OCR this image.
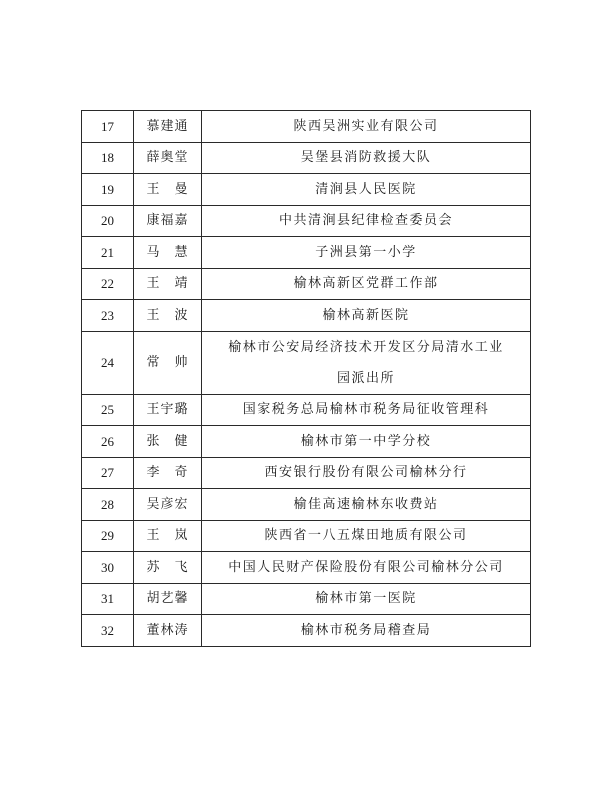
17	慕建通	陕西吴洲实业有限公司
18	薛奥堂	吴堡县消防救援大队
19	王　曼	清涧县人民医院
20	康福嘉	中共清涧县纪律检查委员会
21	马　慧	子洲县第一小学
22	王　靖	榆林高新区党群工作部
23	王　波	榆林高新医院
24	常　帅	榆林市公安局经济技术开发区分局清水工业
园派出所

25	王宇璐	国家税务总局榆林市税务局征收管理科
26	张　健	榆林市第一中学分校
27	李　奇	西安银行股份有限公司榆林分行
28	吴彦宏	榆佳高速榆林东收费站
29	王　岚	陕西省一八五煤田地质有限公司
30	苏　飞	中国人民财产保险股份有限公司榆林分公司
31	胡艺馨	榆林市第一医院
32	董林涛	榆林市税务局稽查局
